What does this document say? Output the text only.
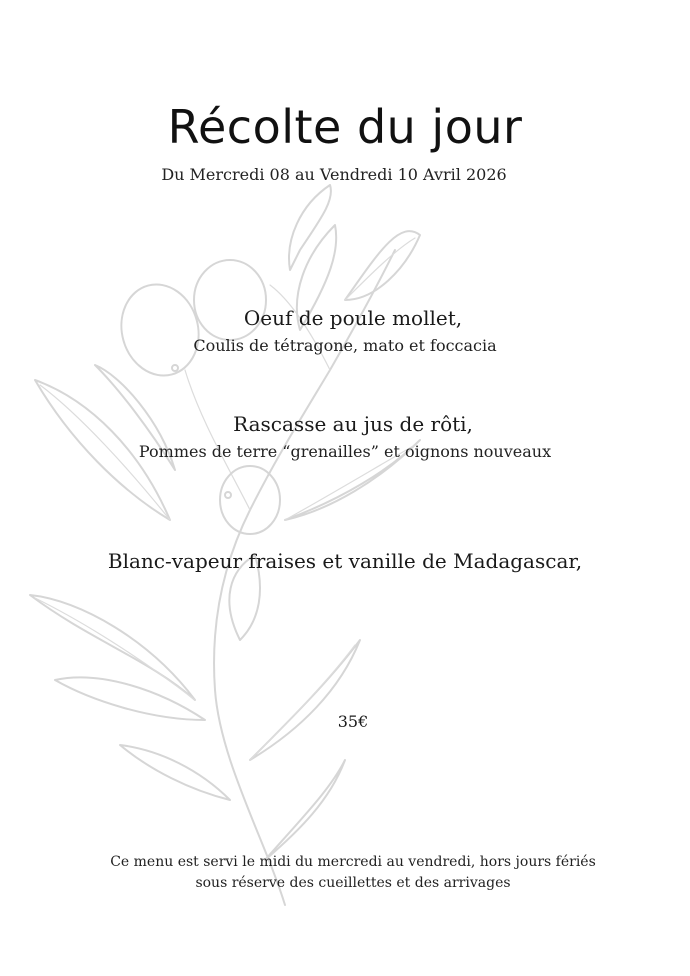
Récolte du jour
Du Mercredi 08 au Vendredi 10 Avril 2026
Oeuf de poule mollet,
Coulis de tétragone, mato et foccacia
Rascasse au jus de rôti,
Pommes de terre “grenailles” et oignons nouveaux
Blanc-vapeur fraises et vanille de Madagascar,
35€
Ce menu est servi le midi du mercredi au vendredi, hors jours fériés
sous réserve des cueillettes et des arrivages
